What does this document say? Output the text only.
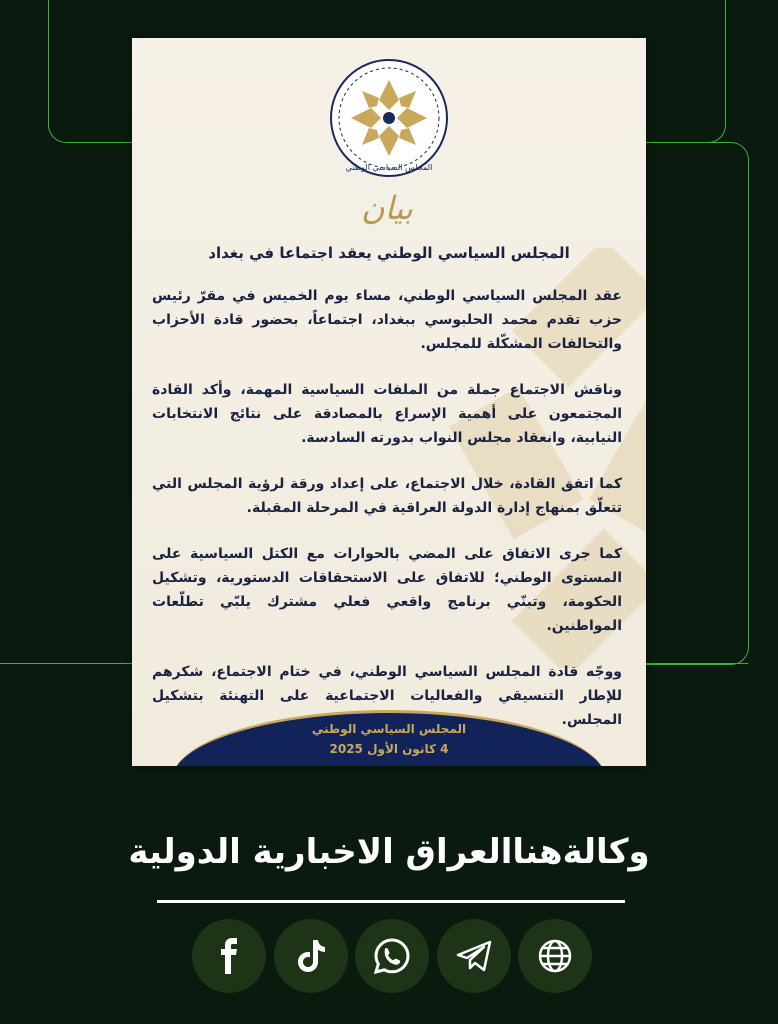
المجلس السياسي الوطني
بيان
المجلس السياسي الوطني يعقد اجتماعا في بغداد

عقد المجلس السياسي الوطني، مساء يوم الخميس في مقرّ رئيس حزب تقدم محمد الحلبوسي ببغداد، اجتماعاً، بحضور قادة الأحزاب والتحالفات المشكّلة للمجلس.

وناقش الاجتماع جملة من الملفات السياسية المهمة، وأكد القادة المجتمعون على أهمية الإسراع بالمصادقة على نتائج الانتخابات النيابية، وانعقاد مجلس النواب بدورته السادسة.

كما اتفق القادة، خلال الاجتماع، على إعداد ورقة لرؤية المجلس التي تتعلّق بمنهاج إدارة الدولة العراقية في المرحلة المقبلة.

كما جرى الاتفاق على المضي بالحوارات مع الكتل السياسية على المستوى الوطني؛ للاتفاق على الاستحقاقات الدستورية، وتشكيل الحكومة، وتبنّي برنامج واقعي فعلي مشترك يلبّي تطلّعات المواطنين.

ووجّه قادة المجلس السياسي الوطني، في ختام الاجتماع، شكرهم للإطار التنسيقي والفعاليات الاجتماعية على التهنئة بتشكيل المجلس.

المجلس السياسي الوطني
4 كانون الأول 2025
وكالةهناالعراق الاخبارية الدولية
